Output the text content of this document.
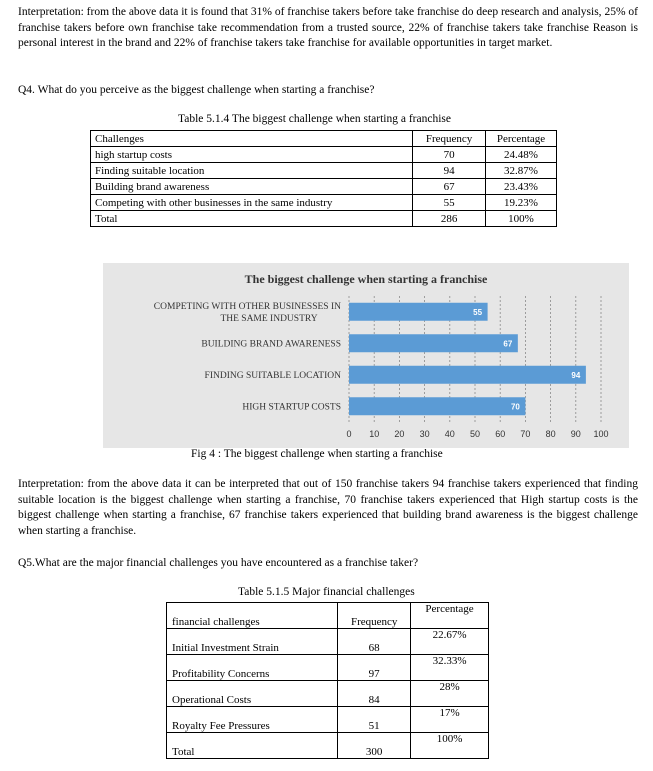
Interpretation: from the above data it is found that 31% of franchise takers before take franchise do deep research and analysis, 25% of franchise takers before own franchise take recommendation from a trusted source, 22% of franchise takers take franchise Reason is personal interest in the brand and 22% of franchise takers take franchise for available opportunities in target market.

Q4. What do you perceive as the biggest challenge when starting a franchise?

Table 5.1.4 The biggest challenge when starting a franchise

Challenges	Frequency	Percentage
high startup costs	70	24.48%
Finding suitable location	94	32.87%
Building brand awareness	67	23.43%
Competing with other businesses in the same industry	55	19.23%
Total	286	100%
The biggest challenge when starting a franchise
0 10 20 30 40 50 60 70 80 90 100
55
COMPETING WITH OTHER BUSINESSES IN THE SAME INDUSTRY
67
BUILDING BRAND AWARENESS
94
FINDING SUITABLE LOCATION
70
HIGH STARTUP COSTS

Fig 4 : The biggest challenge when starting a franchise

Interpretation: from the above data it can be interpreted that out of 150 franchise takers 94 franchise takers experienced that finding suitable location is the biggest challenge when starting a franchise, 70 franchise takers experienced that High startup costs is the biggest challenge when starting a franchise, 67 franchise takers experienced that building brand awareness is the biggest challenge when starting a franchise.

Q5.What are the major financial challenges you have encountered as a franchise taker?

Table 5.1.5 Major financial challenges

financial challenges	Frequency	Percentage
Initial Investment Strain	68	22.67%
Profitability Concerns	97	32.33%
Operational Costs	84	28%
Royalty Fee Pressures	51	17%
Total	300	100%
